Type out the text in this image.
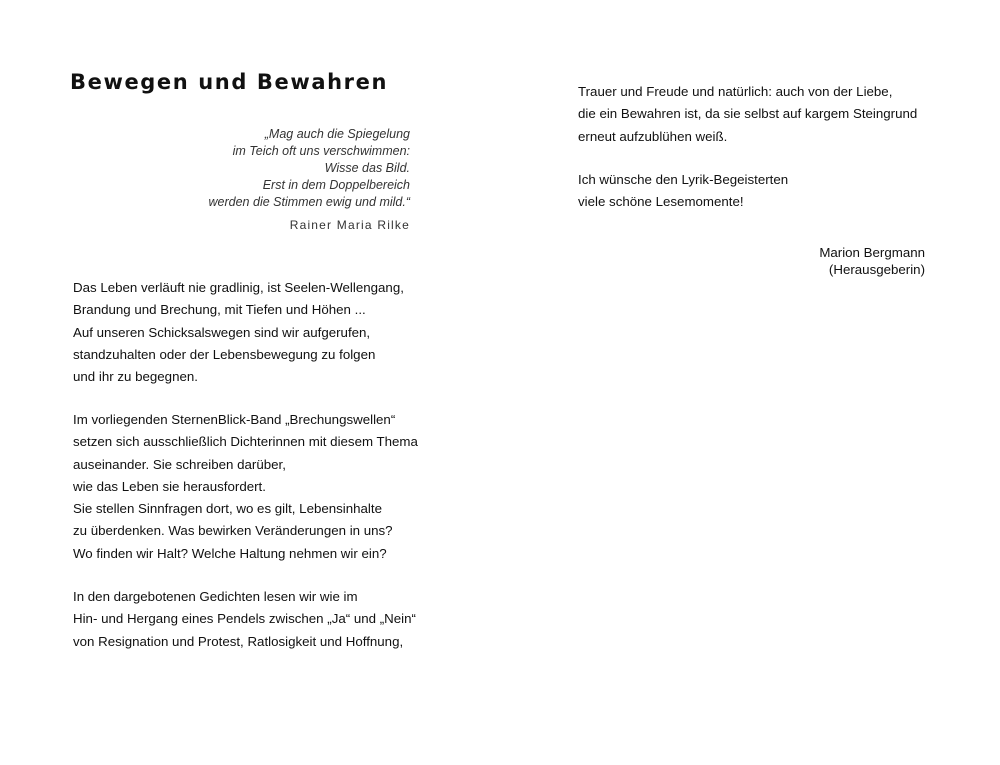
Bewegen und Bewahren
„Mag auch die Spiegelung
im Teich oft uns verschwimmen:
Wisse das Bild.
Erst in dem Doppelbereich
werden die Stimmen ewig und mild.“
Rainer Maria Rilke
Das Leben verläuft nie gradlinig, ist Seelen-Wellengang,
Brandung und Brechung, mit Tiefen und Höhen ...
Auf unseren Schicksalswegen sind wir aufgerufen,
standzuhalten oder der Lebensbewegung zu folgen
und ihr zu begegnen.
Im vorliegenden SternenBlick-Band „Brechungswellen“
setzen sich ausschließlich Dichterinnen mit diesem Thema
auseinander. Sie schreiben darüber,
wie das Leben sie herausfordert.
Sie stellen Sinnfragen dort, wo es gilt, Lebensinhalte
zu überdenken. Was bewirken Veränderungen in uns?
Wo finden wir Halt? Welche Haltung nehmen wir ein?
In den dargebotenen Gedichten lesen wir wie im
Hin- und Hergang eines Pendels zwischen „Ja“ und „Nein“
von Resignation und Protest, Ratlosigkeit und Hoffnung,
Trauer und Freude und natürlich: auch von der Liebe,
die ein Bewahren ist, da sie selbst auf kargem Steingrund
erneut aufzublühen weiß.
Ich wünsche den Lyrik-Begeisterten
viele schöne Lesemomente!
Marion Bergmann
(Herausgeberin)
